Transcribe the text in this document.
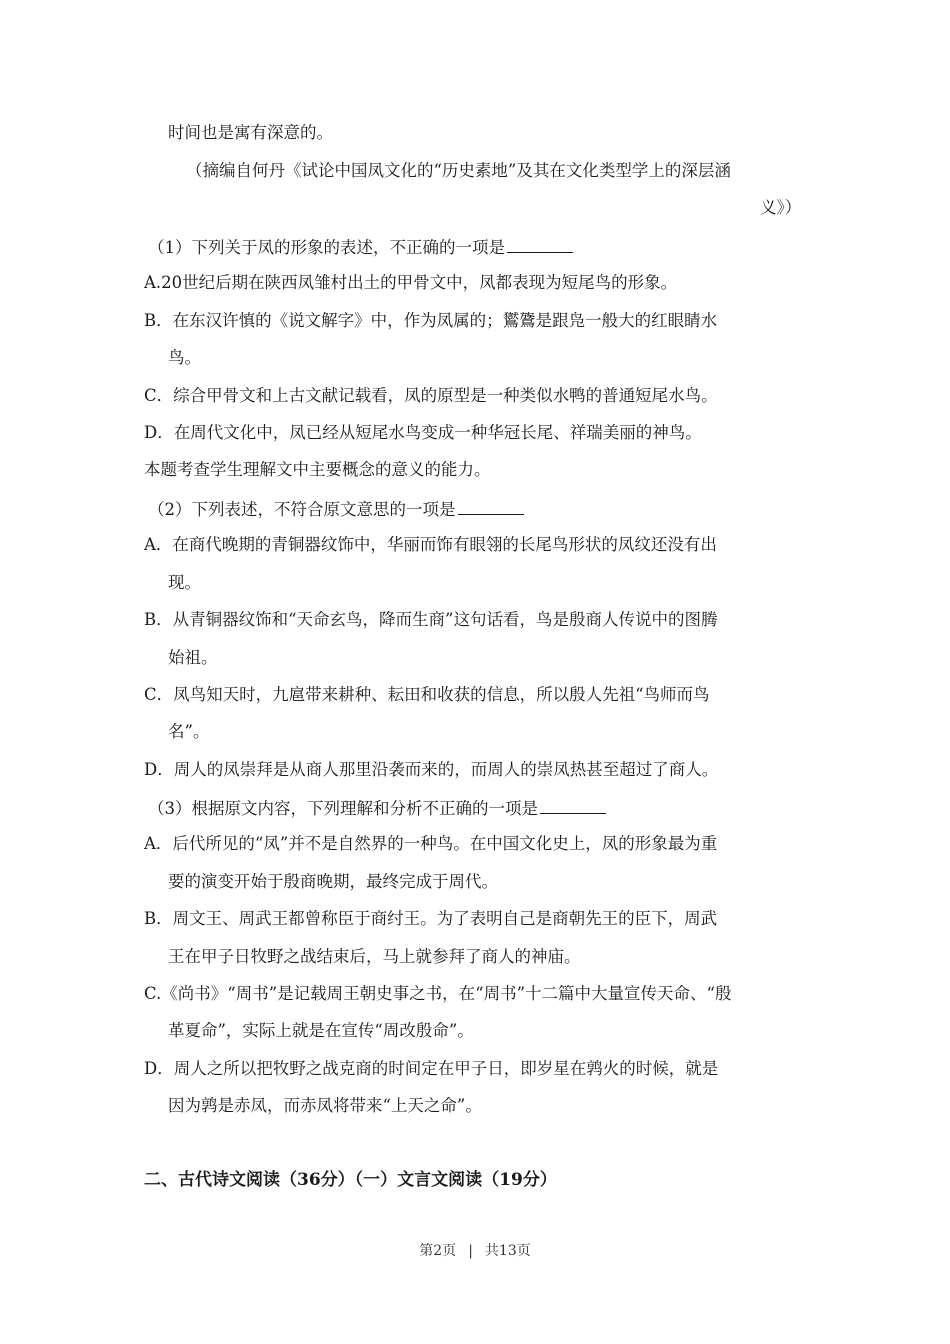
时间也是寓有深意的。
（摘编自何丹《试论中国凤文化的“历史素地”及其在文化类型学上的深层涵
义》）
（1）下列关于凤的形象的表述，不正确的一项是
A.20世纪后期在陕西凤雏村出土的甲骨文中，凤都表现为短尾鸟的形象。
B．在东汉许慎的《说文解字》中，作为凤属的；鸑鷟是跟凫一般大的红眼睛水
鸟。
C．综合甲骨文和上古文献记载看，凤的原型是一种类似水鸭的普通短尾水鸟。
D．在周代文化中，凤已经从短尾水鸟变成一种华冠长尾、祥瑞美丽的神鸟。
本题考查学生理解文中主要概念的意义的能力。
（2）下列表述，不符合原文意思的一项是
A．在商代晚期的青铜器纹饰中，华丽而饰有眼翎的长尾鸟形状的凤纹还没有出
现。
B．从青铜器纹饰和“天命玄鸟，降而生商”这句话看，鸟是殷商人传说中的图腾
始祖。
C．凤鸟知天时，九扈带来耕种、耘田和收获的信息，所以殷人先祖“鸟师而鸟
名”。
D．周人的凤崇拜是从商人那里沿袭而来的，而周人的崇凤热甚至超过了商人。
（3）根据原文内容，下列理解和分析不正确的一项是
A．后代所见的“凤”并不是自然界的一种鸟。在中国文化史上，凤的形象最为重
要的演变开始于殷商晚期，最终完成于周代。
B．周文王、周武王都曾称臣于商纣王。为了表明自己是商朝先王的臣下，周武
王在甲子日牧野之战结束后，马上就参拜了商人的神庙。
C.《尚书》“周书”是记载周王朝史事之书，在“周书”十二篇中大量宣传天命、“殷
革夏命”，实际上就是在宣传“周改殷命”。
D．周人之所以把牧野之战克商的时间定在甲子日，即岁星在鹑火的时候，就是
因为鹑是赤凤，而赤凤将带来“上天之命”。
二、古代诗文阅读（36分）（一）文言文阅读（19分）
第2页 | 共13页
